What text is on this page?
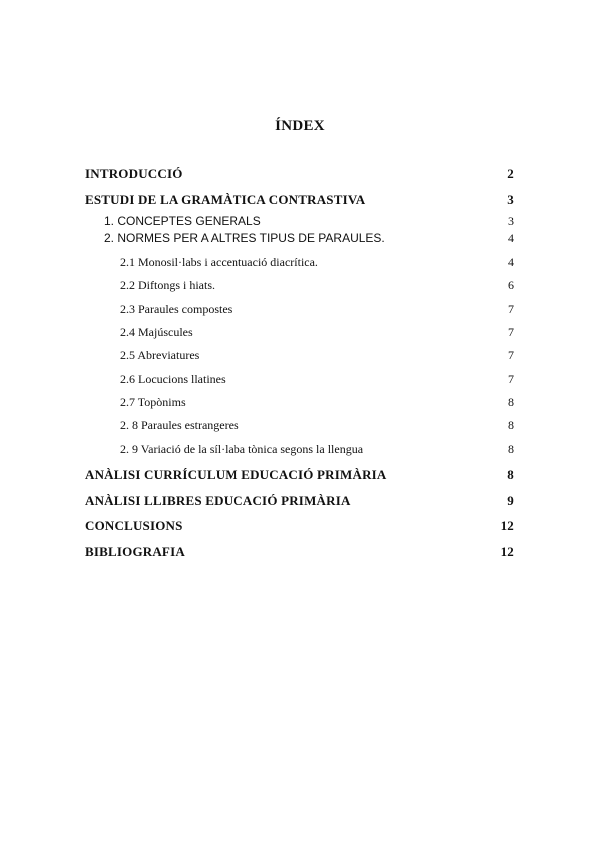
ÍNDEX
INTRODUCCIÓ	2
ESTUDI DE LA GRAMÀTICA CONTRASTIVA	3
1. CONCEPTES GENERALS	3
2. NORMES PER A ALTRES TIPUS DE PARAULES.	4
2.1 Monosil·labs i accentuació diacrítica.	4
2.2 Diftongs i hiats.	6
2.3 Paraules compostes	7
2.4 Majúscules	7
2.5 Abreviatures	7
2.6 Locucions llatines	7
2.7 Topònims	8
2. 8 Paraules estrangeres	8
2. 9 Variació de la síl·laba tònica segons la llengua	8
ANÀLISI CURRÍCULUM EDUCACIÓ PRIMÀRIA	8
ANÀLISI LLIBRES EDUCACIÓ PRIMÀRIA	9
CONCLUSIONS	12
BIBLIOGRAFIA	12
